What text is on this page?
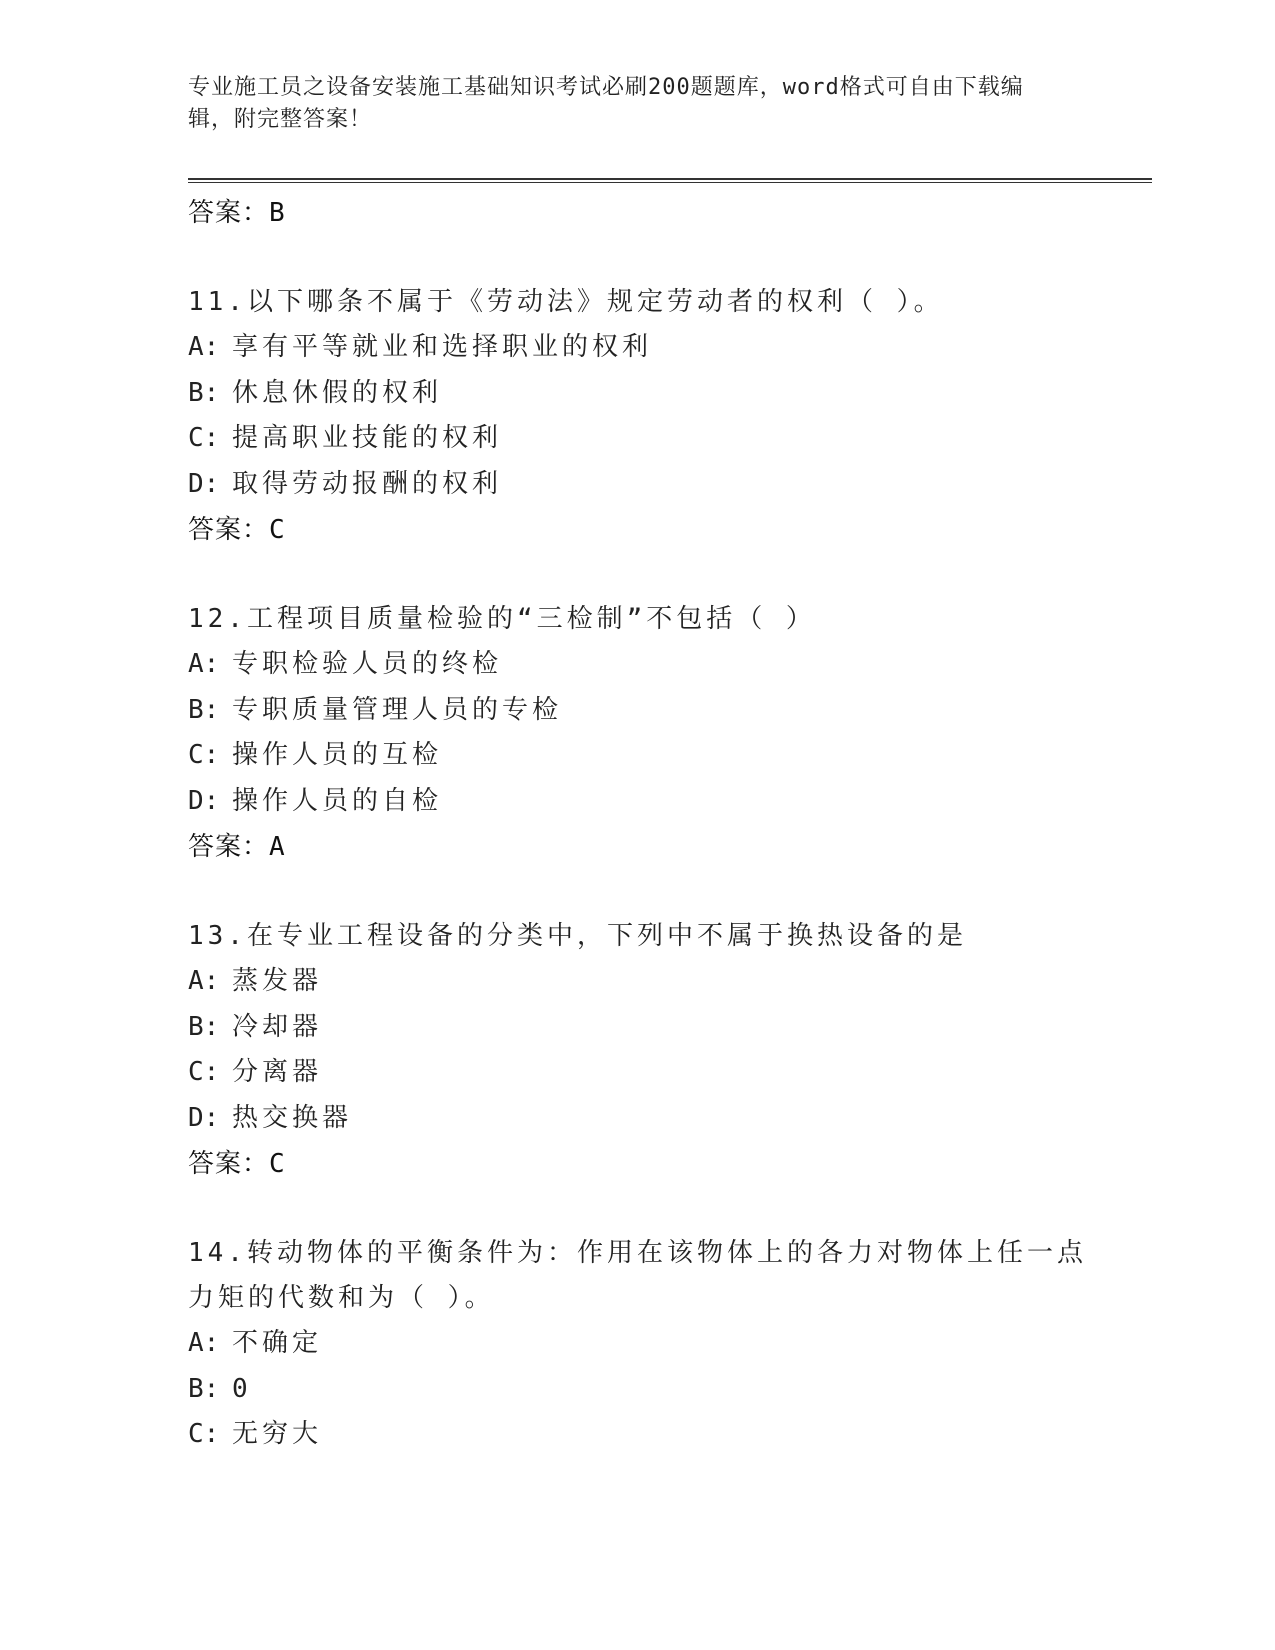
专业施工员之设备安装施工基础知识考试必刷200题题库，word格式可自由下载编辑，附完整答案！
答案：B
11.以下哪条不属于《劳动法》规定劳动者的权利（ ）。
A: 享有平等就业和选择职业的权利
B: 休息休假的权利
C: 提高职业技能的权利
D: 取得劳动报酬的权利
答案：C
12.工程项目质量检验的“三检制”不包括（ ）
A: 专职检验人员的终检
B: 专职质量管理人员的专检
C: 操作人员的互检
D: 操作人员的自检
答案：A
13.在专业工程设备的分类中，下列中不属于换热设备的是
A: 蒸发器
B: 冷却器
C: 分离器
D: 热交换器
答案：C
14.转动物体的平衡条件为：作用在该物体上的各力对物体上任一点力矩的代数和为（ ）。
A: 不确定
B: 0
C: 无穷大
